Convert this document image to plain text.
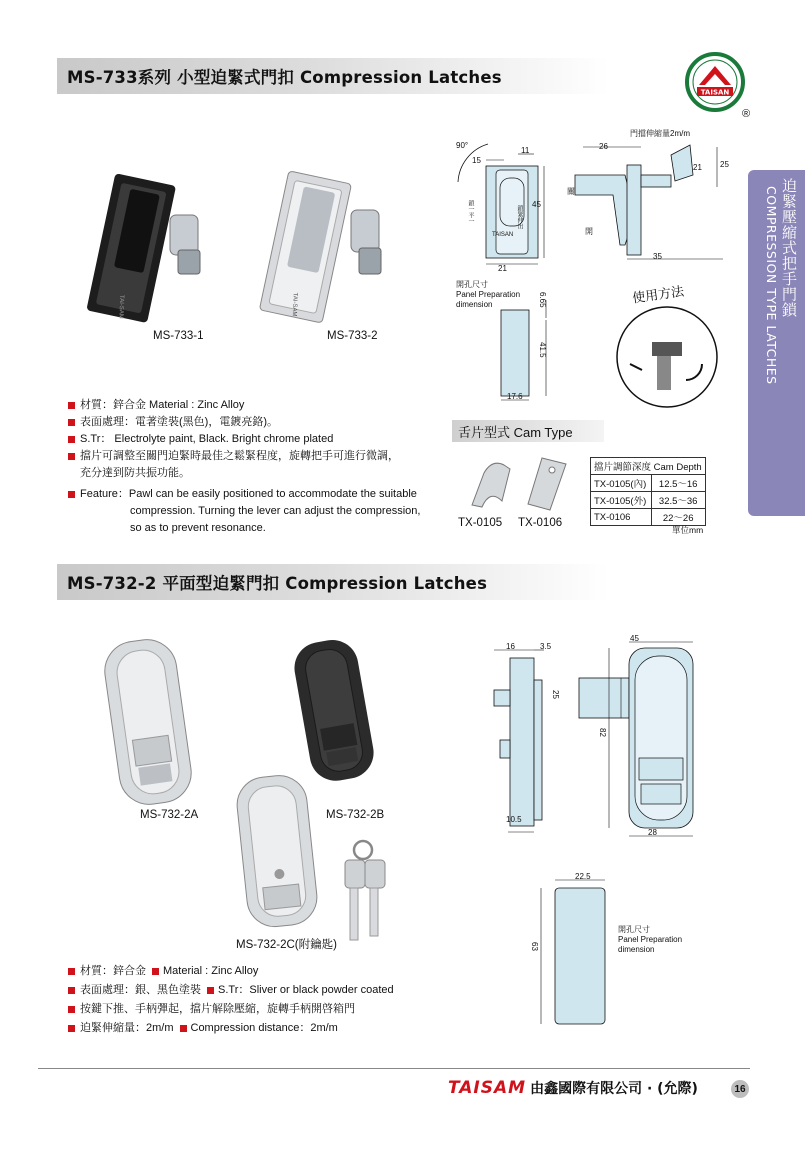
MS-733系列 小型迫緊式門扣 Compression Latches
TAISAN
®
迫緊壓縮式把手門鎖
COMPRESSION TYPE LATCHES
TAI-SAM	TAI-SAM
MS-733-1	MS-733-2
材質：鋅合金 Material : Zinc Alloy
表面處理：電著塗裝(黑色)，電鍍亮鉻)。
S.Tr： Electrolyte paint, Black. Bright chrome plated
擋片可調整至關門迫緊時最佳之鬆緊程度，旋轉把手可進行微調，
充分達到防共振功能。
Feature：Pawl can be easily positioned to accommodate the suitable
compression. Turning the lever can adjust the compression,
so as to prevent resonance.
90°
15
11
45
21
TAISAN
鎖一平一	鎖緊伸出
門擋伸縮量2m/m
26
21 25
35
關
開
開孔尺寸
Panel Preparation
dimension	6.65
41.5
17.6
使用方法
舌片型式 Cam Type
TX-0105 TX-0106
擋片調節深度 Cam Depth	
TX-0105(內)	12.5～16
TX-0105(外)	32.5～36
TX-0106	22～26
單位mm
MS-732-2 平面型迫緊門扣 Compression Latches
MS-732-2A	MS-732-2B
MS-732-2C(附鑰匙)
材質：鋅合金 Material : Zinc Alloy
表面處理：銀、黑色塗裝 S.Tr：Sliver or black powder coated
按鍵下推、手柄彈起，擋片解除壓縮，旋轉手柄開啓箱門
迫緊伸縮量：2m/m Compression distance：2m/m
16	3.5
10.5
45
25
82
28
22.5
63
開孔尺寸
Panel Preparation
dimension
TAISAM 由鑫國際有限公司 · (允際)	16
